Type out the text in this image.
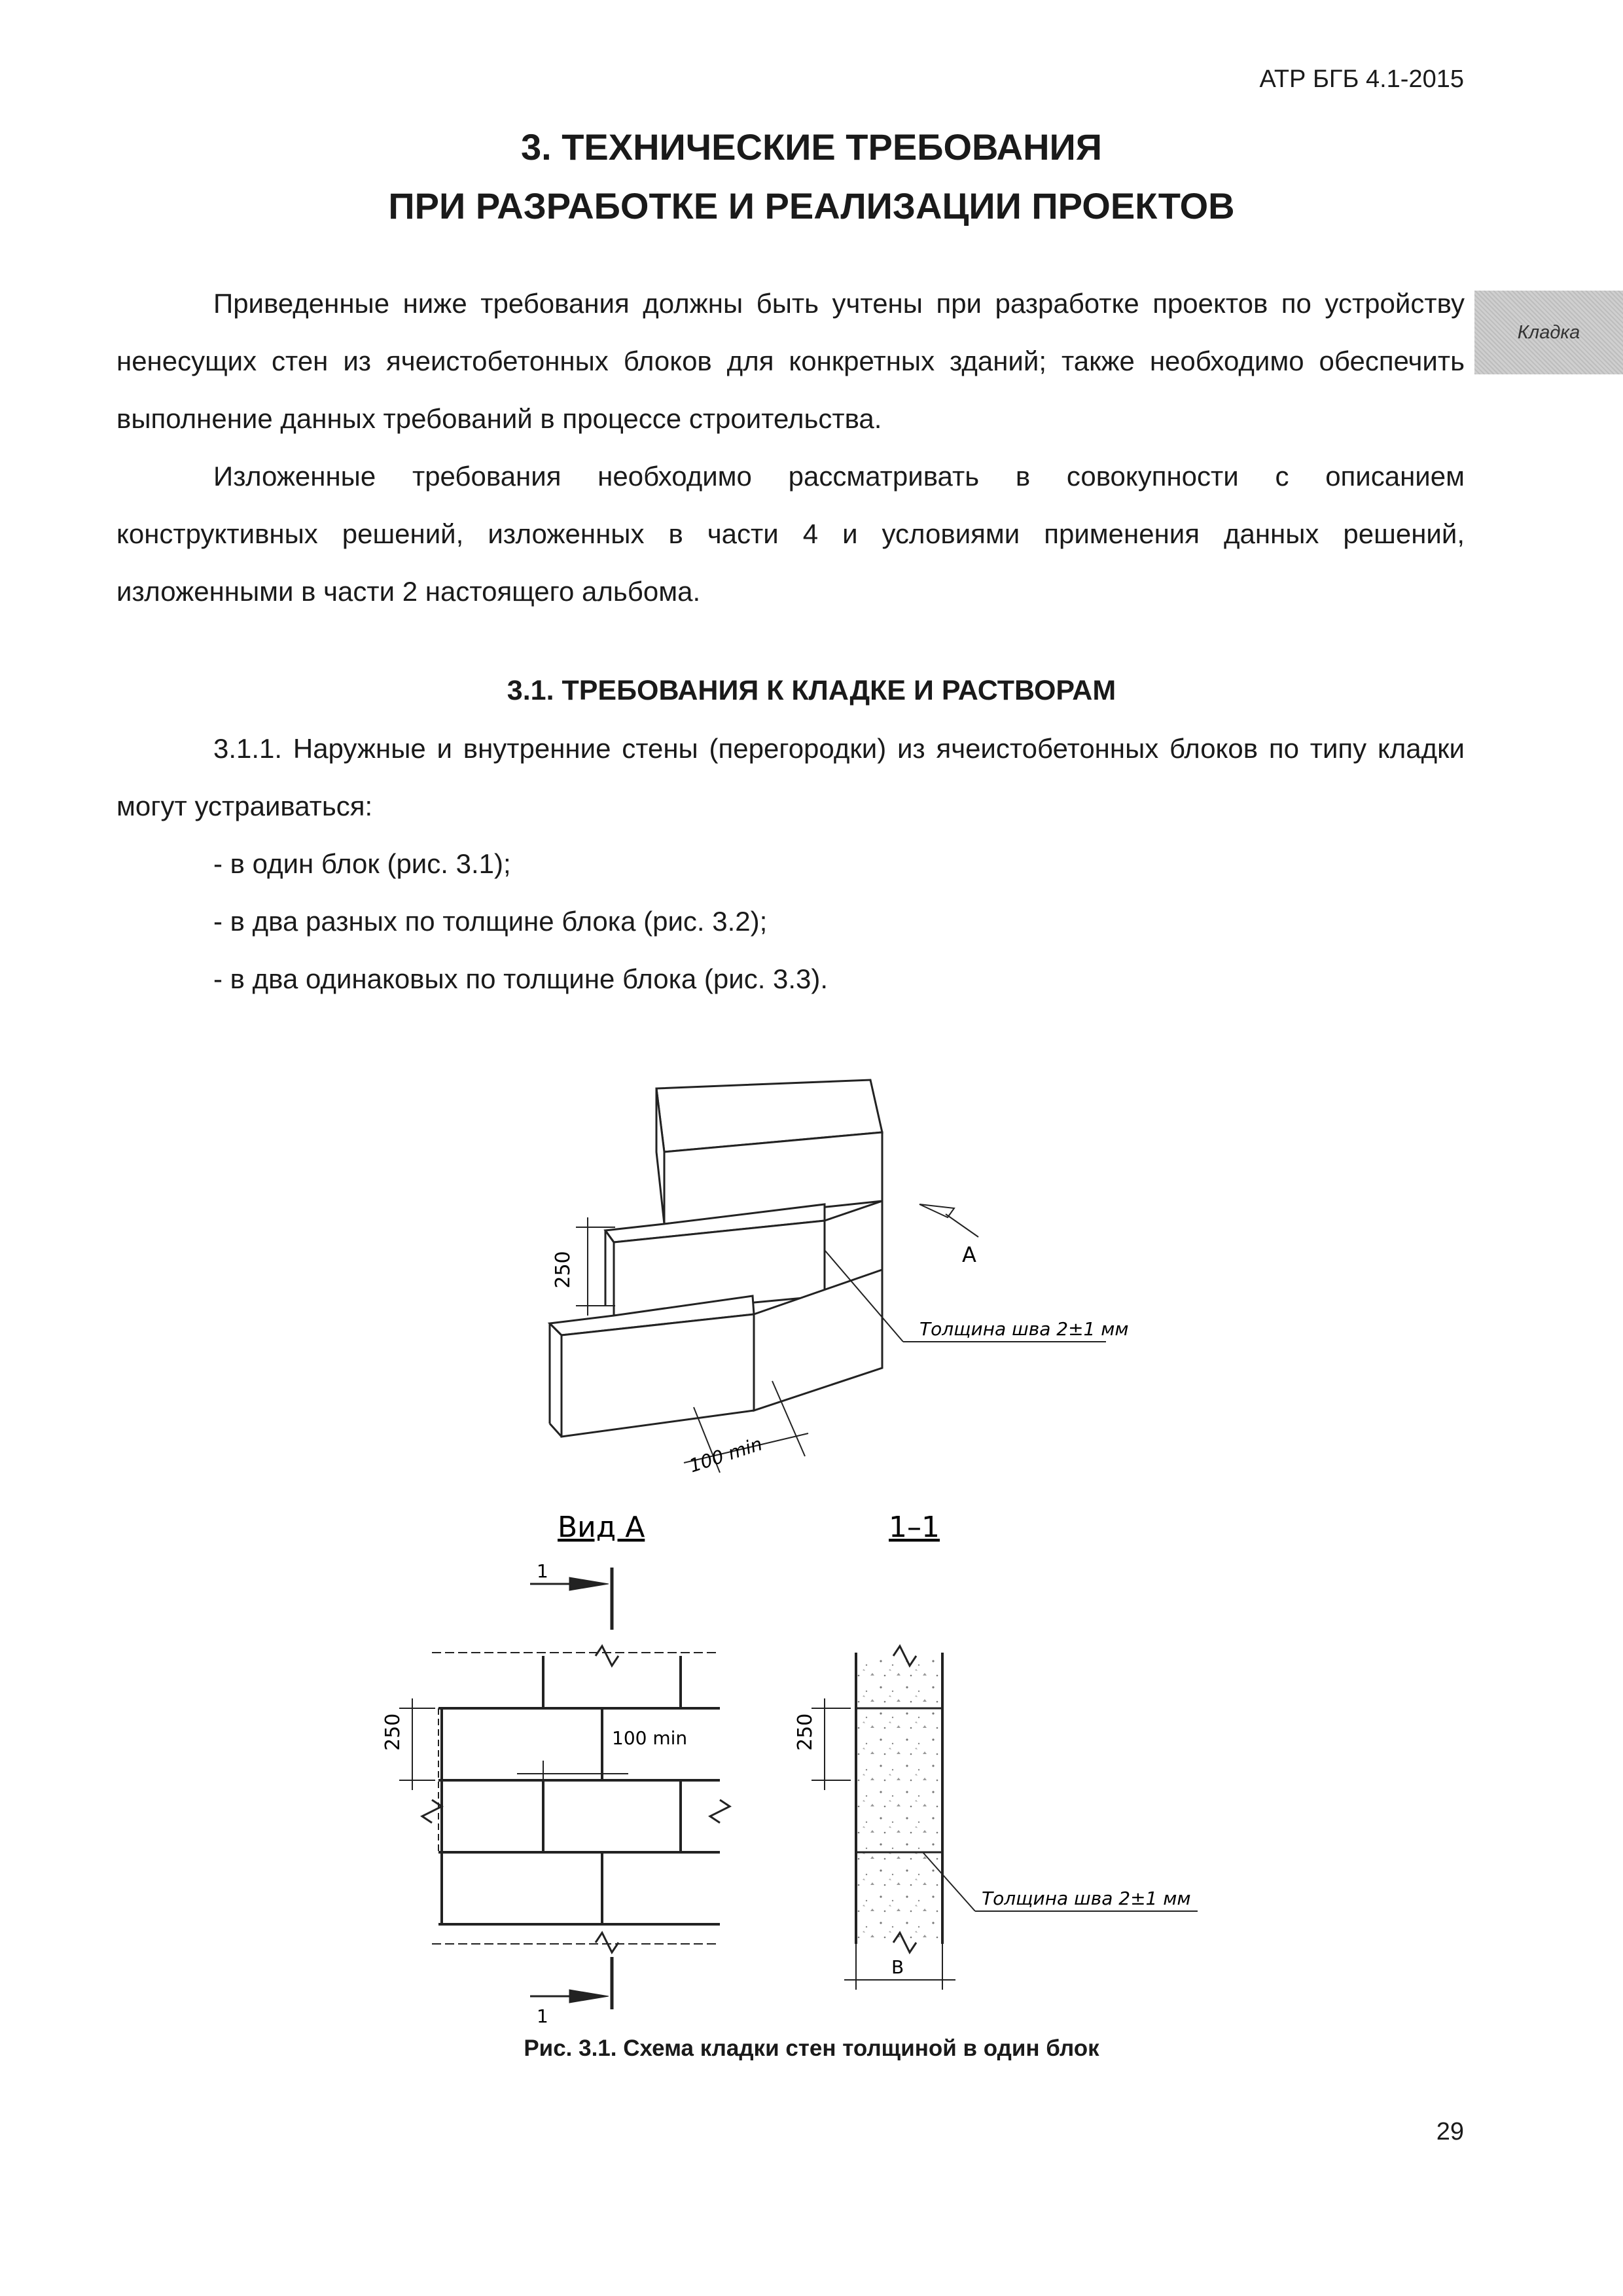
АТР БГБ 4.1-2015
Кладка
3. ТЕХНИЧЕСКИЕ ТРЕБОВАНИЯ
ПРИ РАЗРАБОТКЕ И РЕАЛИЗАЦИИ ПРОЕКТОВ

Приведенные ниже требования должны быть учтены при разработке проектов по устройству ненесущих стен из ячеистобетонных блоков для конкретных зданий; также необходимо обеспечить выполнение данных требований в процессе строительства.

Изложенные требования необходимо рассматривать в совокупности с описанием конструктивных решений, изложенных в части 4 и условиями применения данных решений, изложенными в части 2 настоящего альбома.

3.1. ТРЕБОВАНИЯ К КЛАДКЕ И РАСТВОРАМ

3.1.1. Наружные и внутренние стены (перегородки) из ячеистобетонных блоков по типу кладки могут устраиваться:

- в один блок (рис. 3.1);
- в два разных по толщине блока (рис. 3.2);
- в два одинаковых по толщине блока (рис. 3.3).
250	А
Толщина шва 2±1 мм
100 min
Вид А	1–1
250	100 min
1
1
250
Толщина шва 2±1 мм
В
Рис. 3.1. Схема кладки стен толщиной в один блок
29
